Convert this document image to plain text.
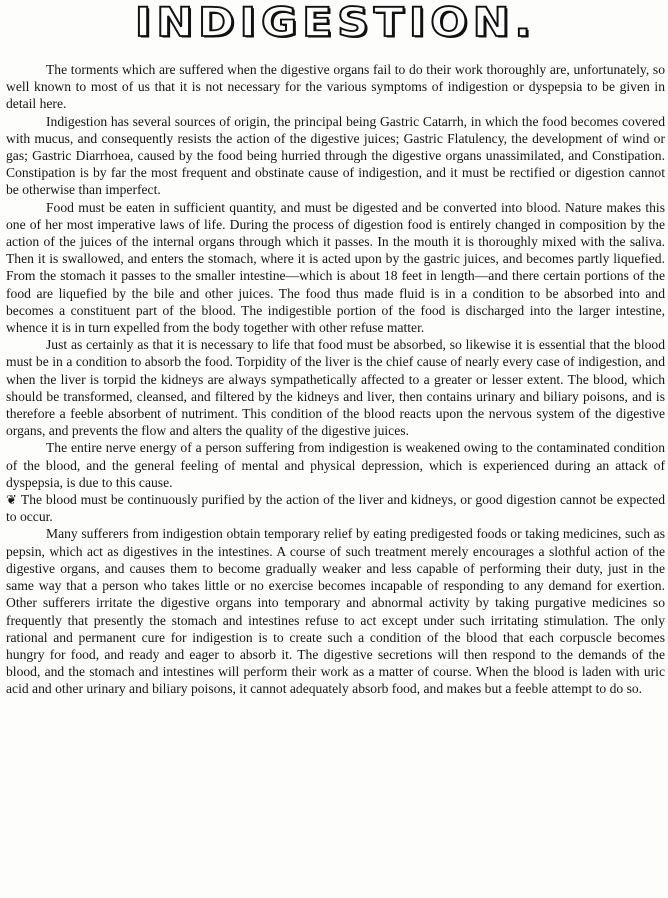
INDIGESTION.

The torments which are suffered when the digestive organs fail to do their work thoroughly are, unfortunately, so well known to most of us that it is not necessary for the various symptoms of indigestion or dyspepsia to be given in detail here.

Indigestion has several sources of origin, the principal being Gastric Catarrh, in which the food becomes covered with mucus, and consequently resists the action of the digestive juices; Gastric Flatulency, the development of wind or gas; Gastric Diarrhoea, caused by the food being hurried through the digestive organs unassimilated, and Constipation. Constipation is by far the most frequent and obstinate cause of indigestion, and it must be rectified or digestion cannot be otherwise than imperfect.

Food must be eaten in sufficient quantity, and must be digested and be converted into blood. Nature makes this one of her most imperative laws of life. During the process of digestion food is entirely changed in composition by the action of the juices of the internal organs through which it passes. In the mouth it is thoroughly mixed with the saliva. Then it is swallowed, and enters the stomach, where it is acted upon by the gastric juices, and becomes partly liquefied. From the stomach it passes to the smaller intestine—which is about 18 feet in length—and there certain portions of the food are liquefied by the bile and other juices. The food thus made fluid is in a condition to be absorbed into and becomes a constituent part of the blood. The indigestible portion of the food is discharged into the larger intestine, whence it is in turn expelled from the body together with other refuse matter.

Just as certainly as that it is necessary to life that food must be absorbed, so likewise it is essential that the blood must be in a condition to absorb the food. Torpidity of the liver is the chief cause of nearly every case of indigestion, and when the liver is torpid the kidneys are always sympathetically affected to a greater or lesser extent. The blood, which should be transformed, cleansed, and filtered by the kidneys and liver, then contains urinary and biliary poisons, and is therefore a feeble absorbent of nutriment. This condition of the blood reacts upon the nervous system of the digestive organs, and prevents the flow and alters the quality of the digestive juices.

The entire nerve energy of a person suffering from indigestion is weakened owing to the contaminated condition of the blood, and the general feeling of mental and physical depression, which is experienced during an attack of dyspepsia, is due to this cause.

❦ The blood must be continuously purified by the action of the liver and kidneys, or good digestion cannot be expected to occur.

Many sufferers from indigestion obtain temporary relief by eating predigested foods or taking medicines, such as pepsin, which act as digestives in the intestines. A course of such treatment merely encourages a slothful action of the digestive organs, and causes them to become gradually weaker and less capable of performing their duty, just in the same way that a person who takes little or no exercise becomes incapable of responding to any demand for exertion. Other sufferers irritate the digestive organs into temporary and abnormal activity by taking purgative medicines so frequently that presently the stomach and intestines refuse to act except under such irritating stimulation. The only rational and permanent cure for indigestion is to create such a condition of the blood that each corpuscle becomes hungry for food, and ready and eager to absorb it. The digestive secretions will then respond to the demands of the blood, and the stomach and intestines will perform their work as a matter of course. When the blood is laden with uric acid and other urinary and biliary poisons, it cannot adequately absorb food, and makes but a feeble attempt to do so.
